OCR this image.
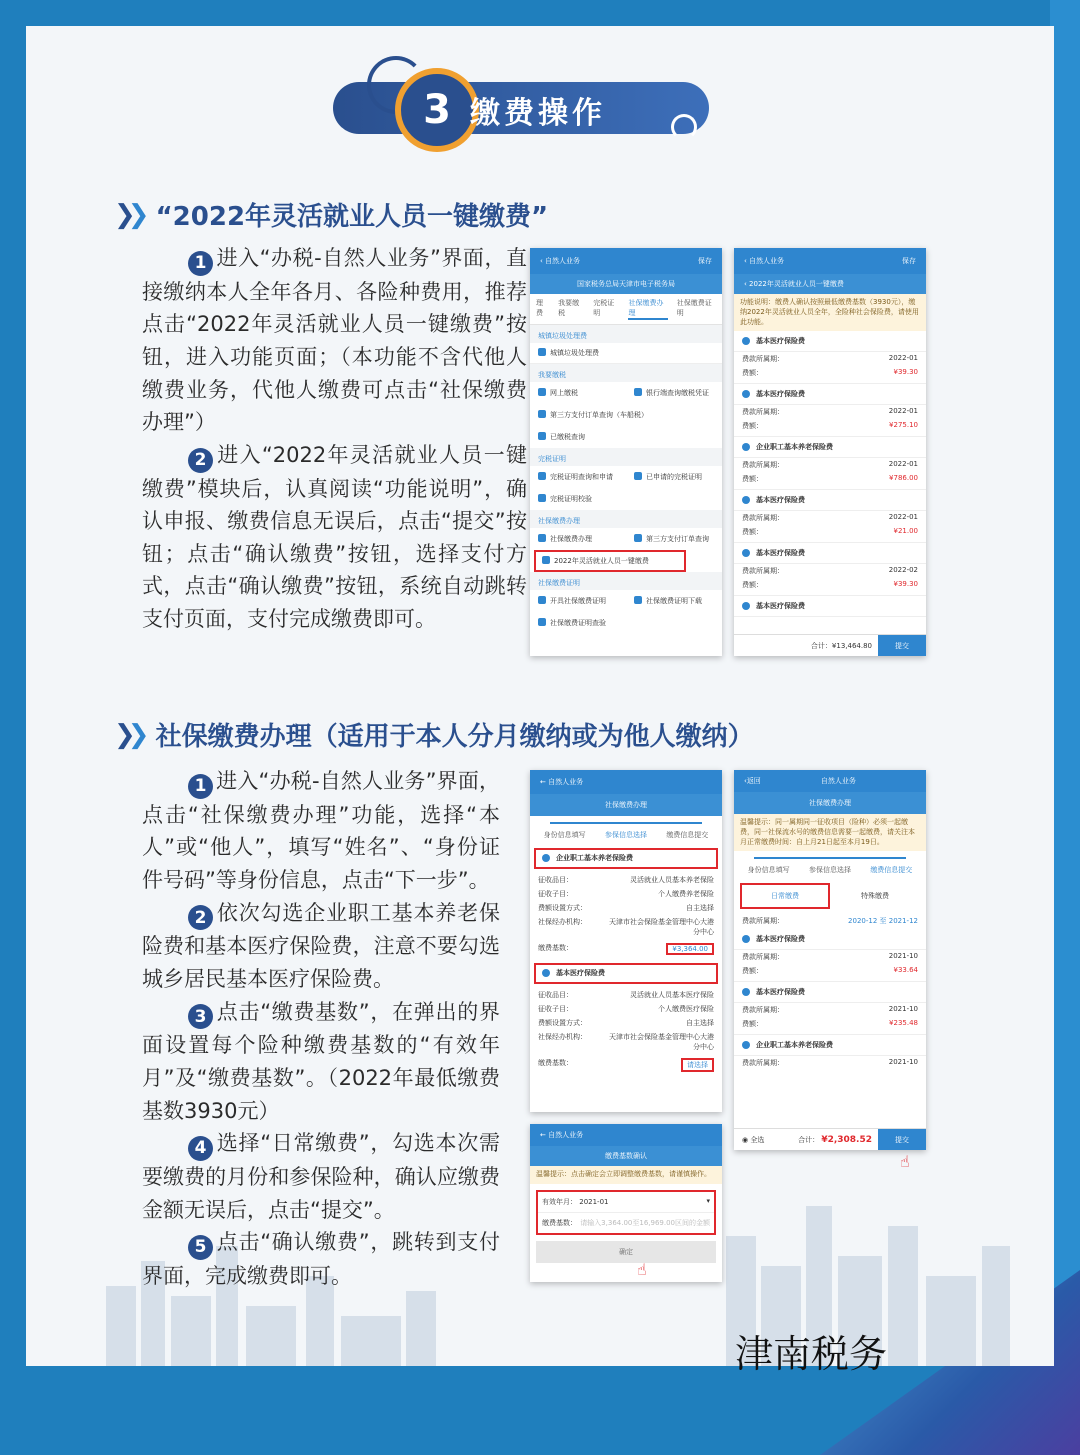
3 缴费操作
❯❯ “2022年灵活就业人员一键缴费”

1 进入“办税-自然人业务”界面，直接缴纳本人全年各月、各险种费用，推荐点击“2022年灵活就业人员一键缴费”按钮，进入功能页面；（本功能不含代他人缴费业务，代他人缴费可点击“社保缴费办理”）

2 进入“2022年灵活就业人员一键缴费”模块后，认真阅读“功能说明”，确认申报、缴费信息无误后，点击“提交”按钮；点击“确认缴费”按钮，选择支付方式，点击“确认缴费”按钮，系统自动跳转支付页面，支付完成缴费即可。

‹ 自然人业务	保存
国家税务总局天津市电子税务局
理费
我要缴税
完税证明
社保缴费办理
社保缴费证明
城镇垃圾处理费
城镇垃圾处理费
我要缴税
网上缴税	银行端查询缴税凭证
第三方支付订单查询（车船税）
已缴税查询
完税证明
完税证明查询和申请	已申请的完税证明
完税证明校验
社保缴费办理
社保缴费办理	第三方支付订单查询
2022年灵活就业人员一键缴费
社保缴费证明
开具社保缴费证明	社保缴费证明下载
社保缴费证明查验
‹ 自然人业务	保存
‹ 2022年灵活就业人员一键缴费
功能说明：缴费人确认按照最低缴费基数（3930元），缴纳2022年灵活就业人员全年，全险种社会保险费，请使用此功能。
基本医疗保险费
费款所属期：	2022-01
费额：	¥39.30
基本医疗保险费
费款所属期：	2022-01
费额：	¥275.10
企业职工基本养老保险费
费款所属期：	2022-01
费额：	¥786.00
基本医疗保险费
费款所属期：	2022-01
费额：	¥21.00
基本医疗保险费
费款所属期：	2022-02
费额：	¥39.30
基本医疗保险费
合计：¥13,464.80	提交
❯❯ 社保缴费办理（适用于本人分月缴纳或为他人缴纳）

1 进入“办税-自然人业务”界面，点击“社保缴费办理”功能，选择“本人”或“他人”，填写“姓名”、“身份证件号码”等身份信息，点击“下一步”。

2 依次勾选企业职工基本养老保险费和基本医疗保险费，注意不要勾选城乡居民基本医疗保险费。

3 点击“缴费基数”，在弹出的界面设置每个险种缴费基数的“有效年月”及“缴费基数”。（2022年最低缴费基数3930元）

4 选择“日常缴费”，勾选本次需要缴费的月份和参保险种，确认应缴费金额无误后，点击“提交”。

5 点击“确认缴费”，跳转到支付界面，完成缴费即可。

← 自然人业务
社保缴费办理
身份信息填写	参保信息选择	缴费信息提交
企业职工基本养老保险费
征收品目：	灵活就业人员基本养老保险
征收子目：	个人缴费养老保险
费额设置方式：	自主选择
社保经办机构：	天津市社会保险基金管理中心大港分中心
缴费基数：	¥3,364.00
基本医疗保险费
征收品目：	灵活就业人员基本医疗保险
征收子目：	个人缴费医疗保险
费额设置方式：	自主选择
社保经办机构：	天津市社会保险基金管理中心大港分中心
缴费基数：	请选择
← 自然人业务
缴费基数确认
温馨提示：点击确定会立即调整缴费基数，请谨慎操作。
有效年月： 2021-01	▾
缴费基数： 请输入3,364.00至16,969.00区间的金额
确定
☝
‹返回	自然人业务
社保缴费办理
温馨提示：同一属期同一征收项目（险种）必须一起缴费，同一社保流水号的缴费信息需要一起缴费，请关注本月正常缴费时间：自上月21日起至本月19日。
身份信息填写	参保信息选择	缴费信息提交
日常缴费	特殊缴费
费款所属期：	2020-12 至 2021-12
基本医疗保险费
费款所属期：	2021-10
费额：	¥33.64
基本医疗保险费
费款所属期：	2021-10
费额：	¥235.48
企业职工基本养老保险费
费款所属期：	2021-10
◉ 全选	合计： ¥2,308.52	提交
☝
津南税务
